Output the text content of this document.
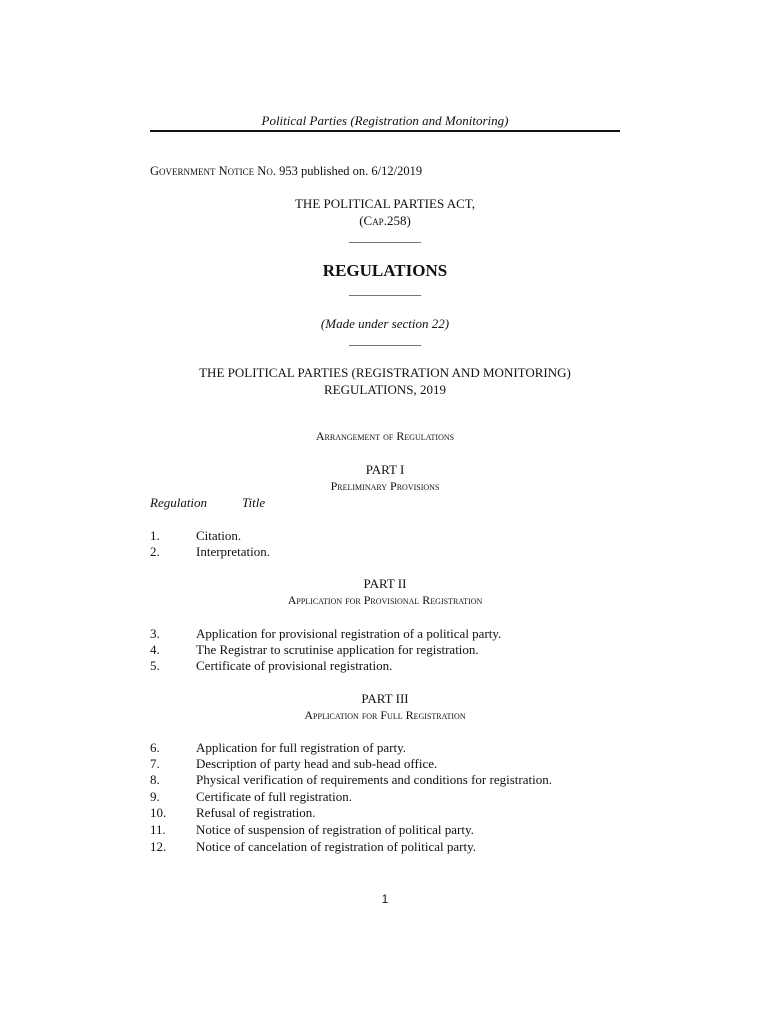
Political Parties (Registration and Monitoring)
Government Notice No. 953 published on. 6/12/2019
THE POLITICAL PARTIES ACT,
(Cap.258)
____________
REGULATIONS
____________
(Made under section 22)
____________
THE POLITICAL PARTIES (REGISTRATION AND MONITORING)
REGULATIONS, 2019
Arrangement of Regulations
PART I
Preliminary Provisions
Regulation	Title
1.	Citation.
2.	Interpretation.
PART II
Application for Provisional Registration
3.	Application for provisional registration of a political party.
4.	The Registrar to scrutinise application for registration.
5.	Certificate of provisional registration.
PART III
Application for Full Registration
6.	Application for full registration of party.
7.	Description of party head and sub-head office.
8.	Physical verification of requirements and conditions for registration.
9.	Certificate of full registration.
10.	Refusal of registration.
11.	Notice of suspension of registration of political party.
12.	Notice of cancelation of registration of political party.
1
